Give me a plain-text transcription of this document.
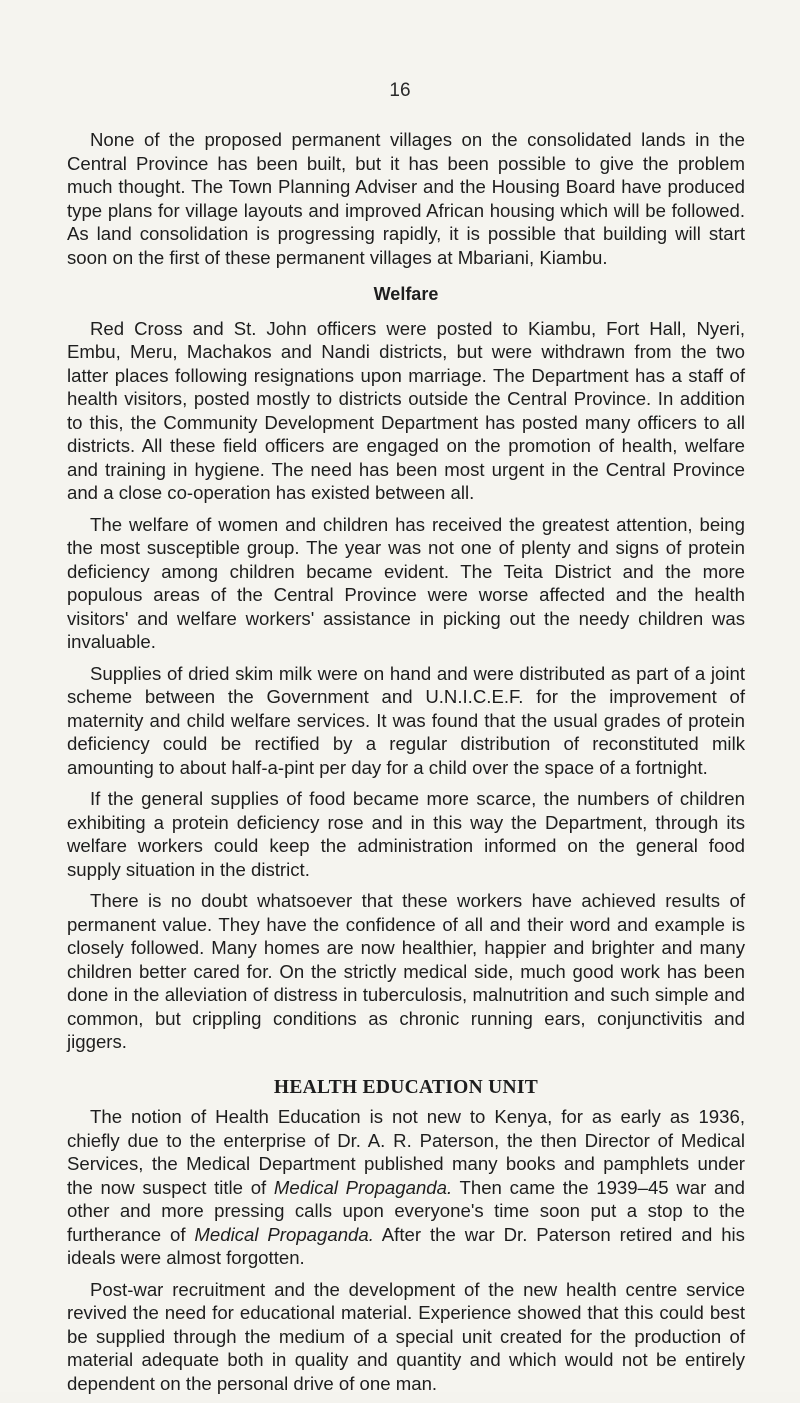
16

None of the proposed permanent villages on the consolidated lands in the Central Province has been built, but it has been possible to give the problem much thought. The Town Planning Adviser and the Housing Board have produced type plans for village layouts and improved African housing which will be followed. As land consolidation is progressing rapidly, it is possible that building will start soon on the first of these permanent villages at Mbariani, Kiambu.

Welfare

Red Cross and St. John officers were posted to Kiambu, Fort Hall, Nyeri, Embu, Meru, Machakos and Nandi districts, but were withdrawn from the two latter places following resignations upon marriage. The Department has a staff of health visitors, posted mostly to districts outside the Central Province. In addition to this, the Community Development Department has posted many officers to all districts. All these field officers are engaged on the promotion of health, welfare and training in hygiene. The need has been most urgent in the Central Province and a close co-operation has existed between all.

The welfare of women and children has received the greatest attention, being the most susceptible group. The year was not one of plenty and signs of protein deficiency among children became evident. The Teita District and the more populous areas of the Central Province were worse affected and the health visitors' and welfare workers' assistance in picking out the needy children was invaluable.

Supplies of dried skim milk were on hand and were distributed as part of a joint scheme between the Government and U.N.I.C.E.F. for the improvement of maternity and child welfare services. It was found that the usual grades of protein deficiency could be rectified by a regular distribution of reconstituted milk amounting to about half-a-pint per day for a child over the space of a fortnight.

If the general supplies of food became more scarce, the numbers of children exhibiting a protein deficiency rose and in this way the Department, through its welfare workers could keep the administration informed on the general food supply situation in the district.

There is no doubt whatsoever that these workers have achieved results of permanent value. They have the confidence of all and their word and example is closely followed. Many homes are now healthier, happier and brighter and many children better cared for. On the strictly medical side, much good work has been done in the alleviation of distress in tuberculosis, malnutrition and such simple and common, but crippling conditions as chronic running ears, conjunctivitis and jiggers.

HEALTH EDUCATION UNIT

The notion of Health Education is not new to Kenya, for as early as 1936, chiefly due to the enterprise of Dr. A. R. Paterson, the then Director of Medical Services, the Medical Department published many books and pamphlets under the now suspect title of Medical Propaganda. Then came the 1939–45 war and other and more pressing calls upon everyone's time soon put a stop to the furtherance of Medical Propaganda. After the war Dr. Paterson retired and his ideals were almost forgotten.

Post-war recruitment and the development of the new health centre service revived the need for educational material. Experience showed that this could best be supplied through the medium of a special unit created for the production of material adequate both in quality and quantity and which would not be entirely dependent on the personal drive of one man.
